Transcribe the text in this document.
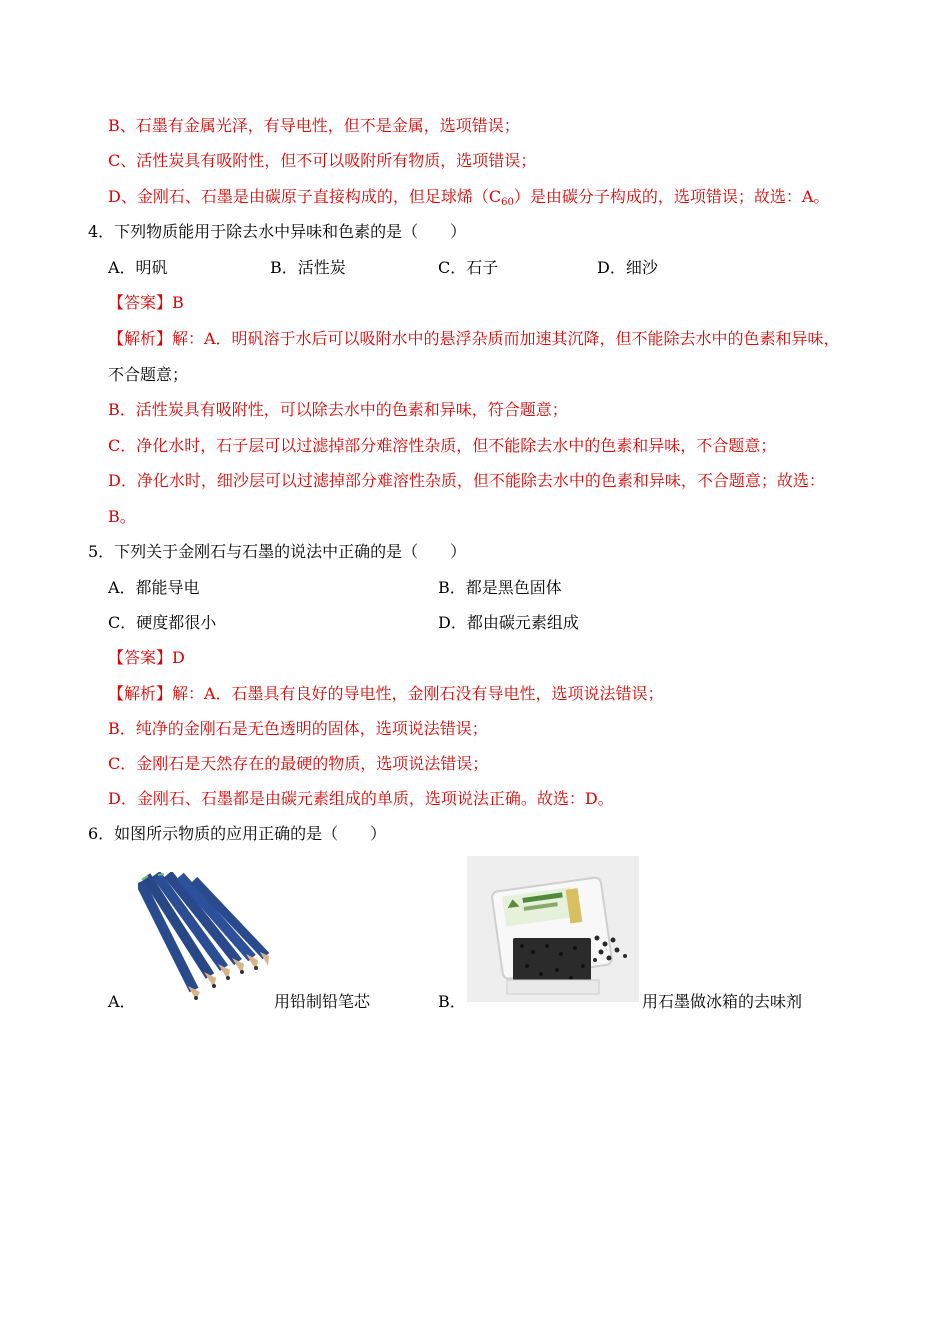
B、石墨有金属光泽，有导电性，但不是金属，选项错误；
C、活性炭具有吸附性，但不可以吸附所有物质，选项错误；
D、金刚石、石墨是由碳原子直接构成的，但足球烯$(C_{60})$是由碳分子构成的，选项错误；故选：A。
4．下列物质能用于除去水中异味和色素的是（　　）
A．明矾	B．活性炭	C．石子	D．细沙
【答案】B
【解析】解：A．明矾溶于水后可以吸附水中的悬浮杂质而加速其沉降，但不能除去水中的色素和异味，
不合题意；
B．活性炭具有吸附性，可以除去水中的色素和异味，符合题意；
C．净化水时，石子层可以过滤掉部分难溶性杂质，但不能除去水中的色素和异味，不合题意；
D．净化水时，细沙层可以过滤掉部分难溶性杂质，但不能除去水中的色素和异味，不合题意；故选：
B。
5．下列关于金刚石与石墨的说法中正确的是（　　）
A．都能导电	B．都是黑色固体
C．硬度都很小	D．都由碳元素组成
【答案】D
【解析】解：A．石墨具有良好的导电性，金刚石没有导电性，选项说法错误；
B．纯净的金刚石是无色透明的固体，选项说法错误；
C．金刚石是天然存在的最硬的物质，选项说法错误；
D．金刚石、石墨都是由碳元素组成的单质，选项说法正确。故选：D。
6．如图所示物质的应用正确的是（　　）
A．	用铅制铅笔芯	B．	用石墨做冰箱的去味剂
